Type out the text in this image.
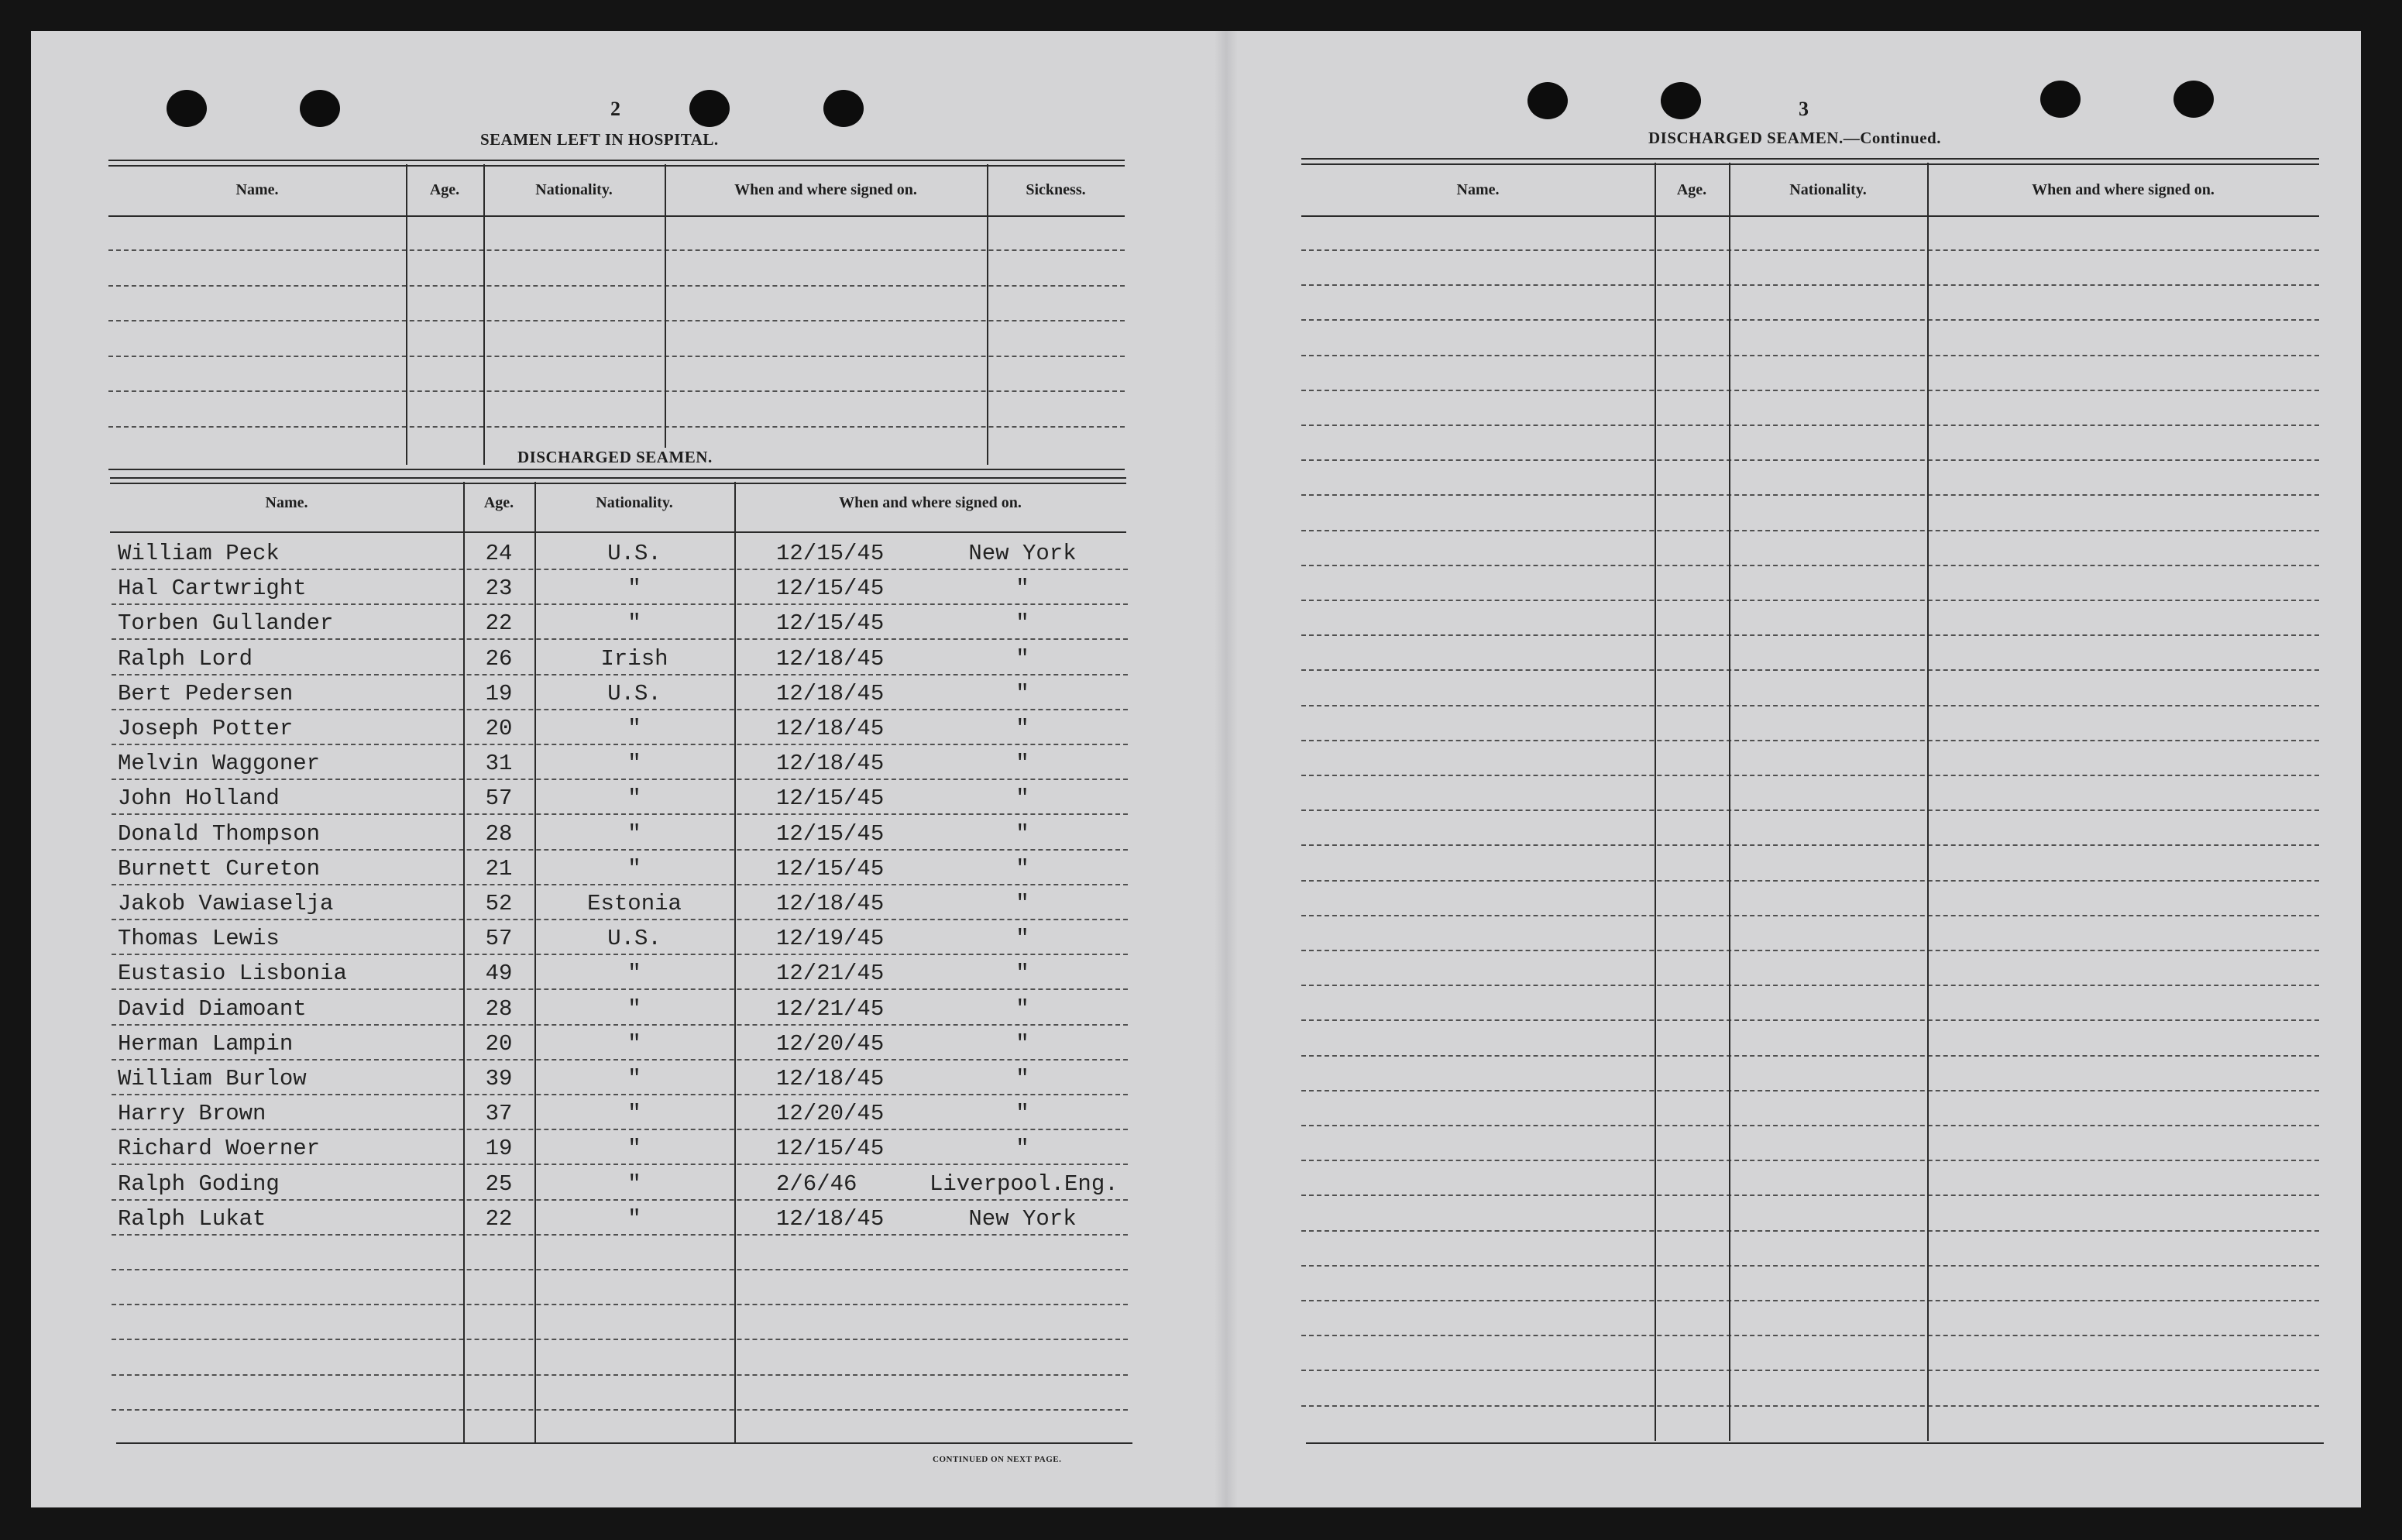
2
SEAMEN LEFT IN HOSPITAL.
Name.	Age.	Nationality.	When and where signed on.	Sickness.
DISCHARGED SEAMEN.
Name.	Age.	Nationality.	When and where signed on.
William Peck	24	U.S.	12/15/45	New York
Hal Cartwright	23	"	12/15/45	"
Torben Gullander	22	"	12/15/45	"
Ralph Lord	26	Irish	12/18/45	"
Bert Pedersen	19	U.S.	12/18/45	"
Joseph Potter	20	"	12/18/45	"
Melvin Waggoner	31	"	12/18/45	"
John Holland	57	"	12/15/45	"
Donald Thompson	28	"	12/15/45	"
Burnett Cureton	21	"	12/15/45	"
Jakob Vawiaselja	52	Estonia	12/18/45	"
Thomas Lewis	57	U.S.	12/19/45	"
Eustasio Lisbonia	49	"	12/21/45	"
David Diamoant	28	"	12/21/45	"
Herman Lampin	20	"	12/20/45	"
William Burlow	39	"	12/18/45	"
Harry Brown	37	"	12/20/45	"
Richard Woerner	19	"	12/15/45	"
Ralph Goding	25	"	2/6/46	Liverpool.Eng.
Ralph Lukat	22	"	12/18/45	New York
CONTINUED ON NEXT PAGE.
3
DISCHARGED SEAMEN.—Continued.
Name.	Age.	Nationality.	When and where signed on.
